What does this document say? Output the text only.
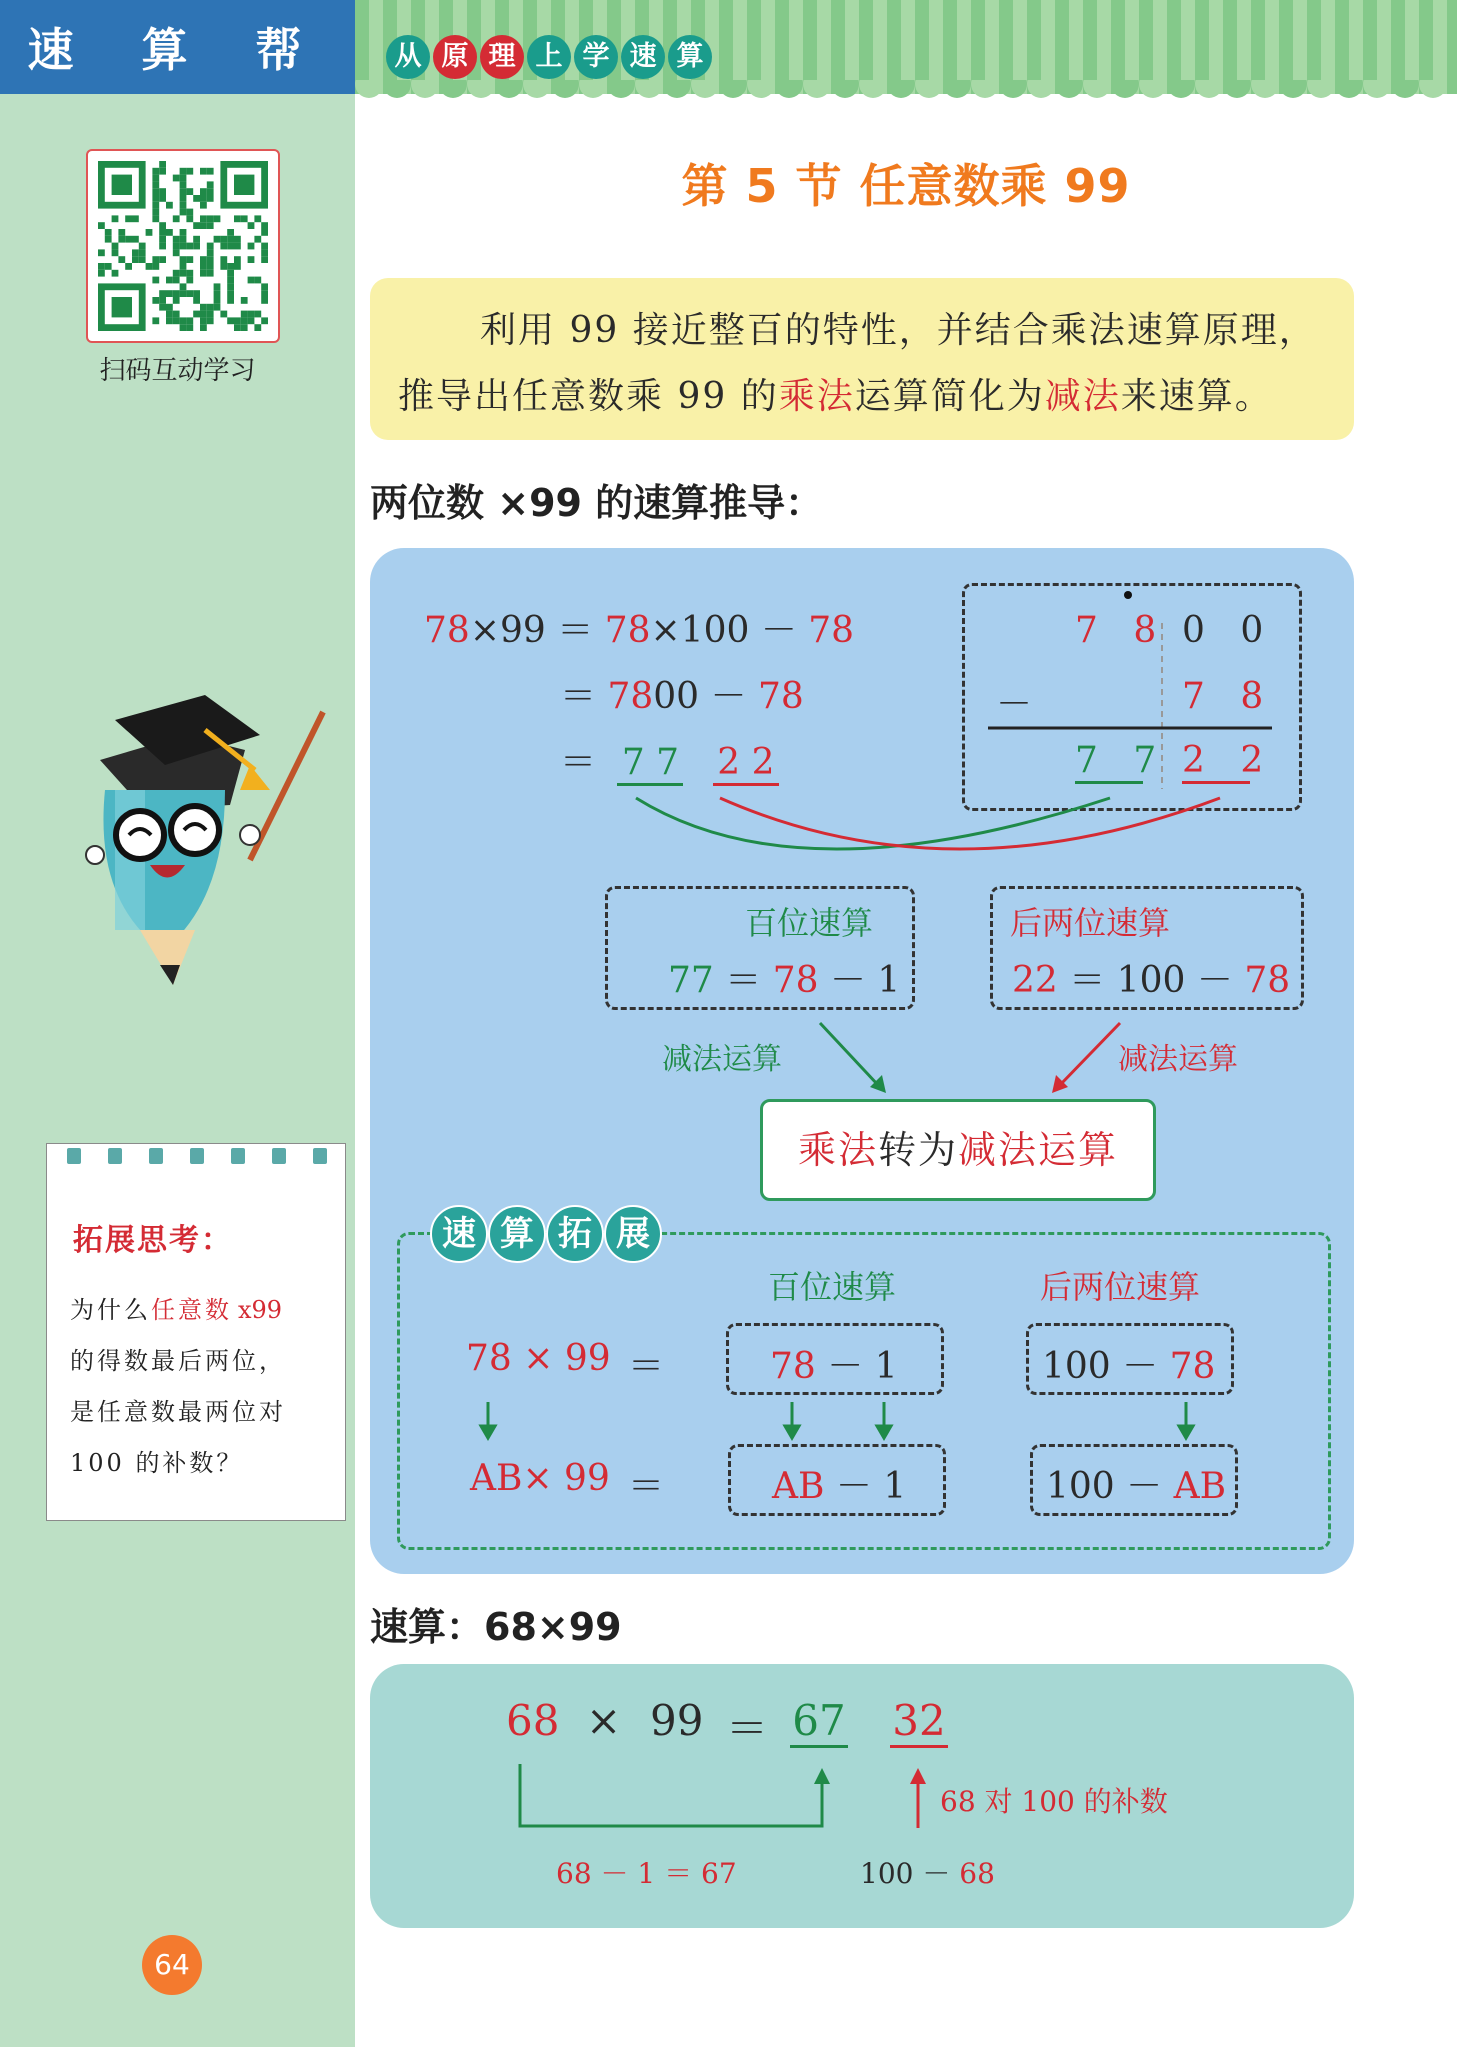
速 算 帮	从 原 理 上 学 速 算
扫码互动学习
拓展思考：
为什么任意数 x99
的得数最后两位，
是任意数最两位对
100 的补数？
64
第 5 节 任意数乘 99

利用 99 接近整百的特性，并结合乘法速算原理，

推导出任意数乘 99 的乘法运算简化为减法来速算。

两位数 ×99 的速算推导：
78×99 ＝ 78×100 － 78
＝ 7800 － 78
＝ 7 7 2 2
7 8 0 0
－	7 8
7 7 2 2
百位速算
77 ＝ 78 － 1
后两位速算
22 ＝ 100 － 78
减法运算	减法运算
乘法转为减法运算
速 算 拓 展
百位速算	后两位速算
78 × 99 ＝	78 － 1	100 － 78
AB× 99 ＝	AB － 1	100 － AB
速算：68×99
68 × 99 ＝ 67 32
68 对 100 的补数
68 － 1 ＝ 67	100 － 68
